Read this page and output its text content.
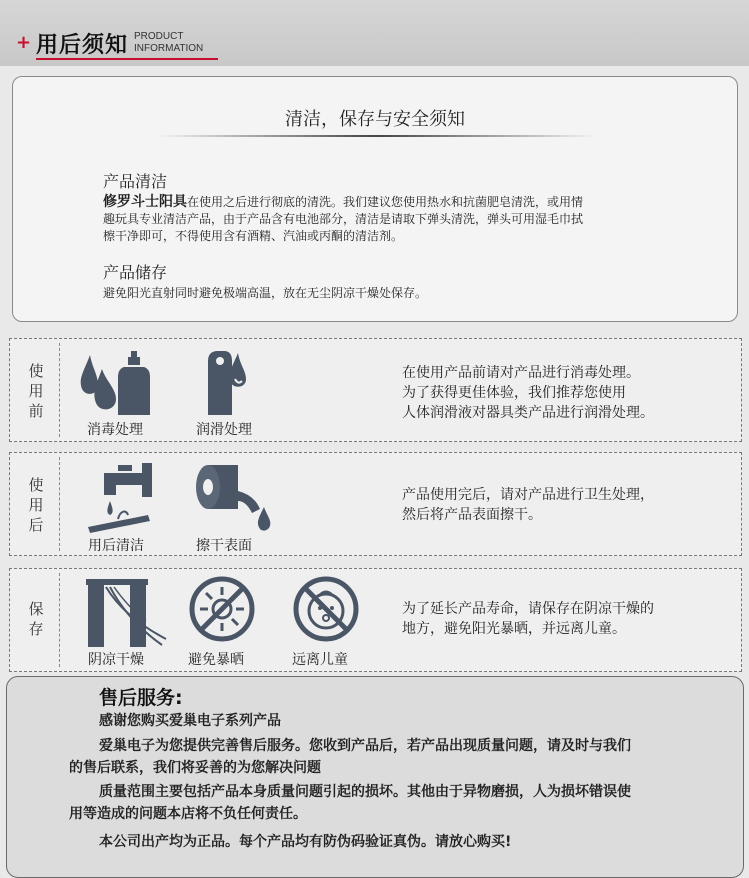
+ 用后须知 PRODUCT
INFORMATION
清洁，保存与安全须知
产品清洁
修罗斗士阳具在使用之后进行彻底的清洗。我们建议您使用热水和抗菌肥皂清洗，或用情
趣玩具专业清洁产品，由于产品含有电池部分，清洁是请取下弹头清洗，弹头可用湿毛巾拭
檫干净即可，不得使用含有酒精、汽油或丙酮的清洁剂。
产品储存
避免阳光直射同时避免极端高温，放在无尘阴凉干燥处保存。
使
用
前
消毒处理	润滑处理
在使用产品前请对产品进行消毒处理。
为了获得更佳体验，我们推荐您使用
人体润滑液对器具类产品进行润滑处理。
使
用
后
用后清洁	擦干表面
产品使用完后，请对产品进行卫生处理，
然后将产品表面擦干。
保
存
阴凉干燥	避免暴晒	远离儿童
为了延长产品寿命，请保存在阴凉干燥的
地方，避免阳光暴晒，并远离儿童。
售后服务:
感谢您购买爱巢电子系列产品
爱巢电子为您提供完善售后服务。您收到产品后，若产品出现质量问题，请及时与我们
的售后联系，我们将妥善的为您解决问题
质量范围主要包括产品本身质量问题引起的损坏。其他由于异物磨损，人为损坏错误使
用等造成的问题本店将不负任何责任。
本公司出产均为正品。每个产品均有防伪码验证真伪。请放心购买!
